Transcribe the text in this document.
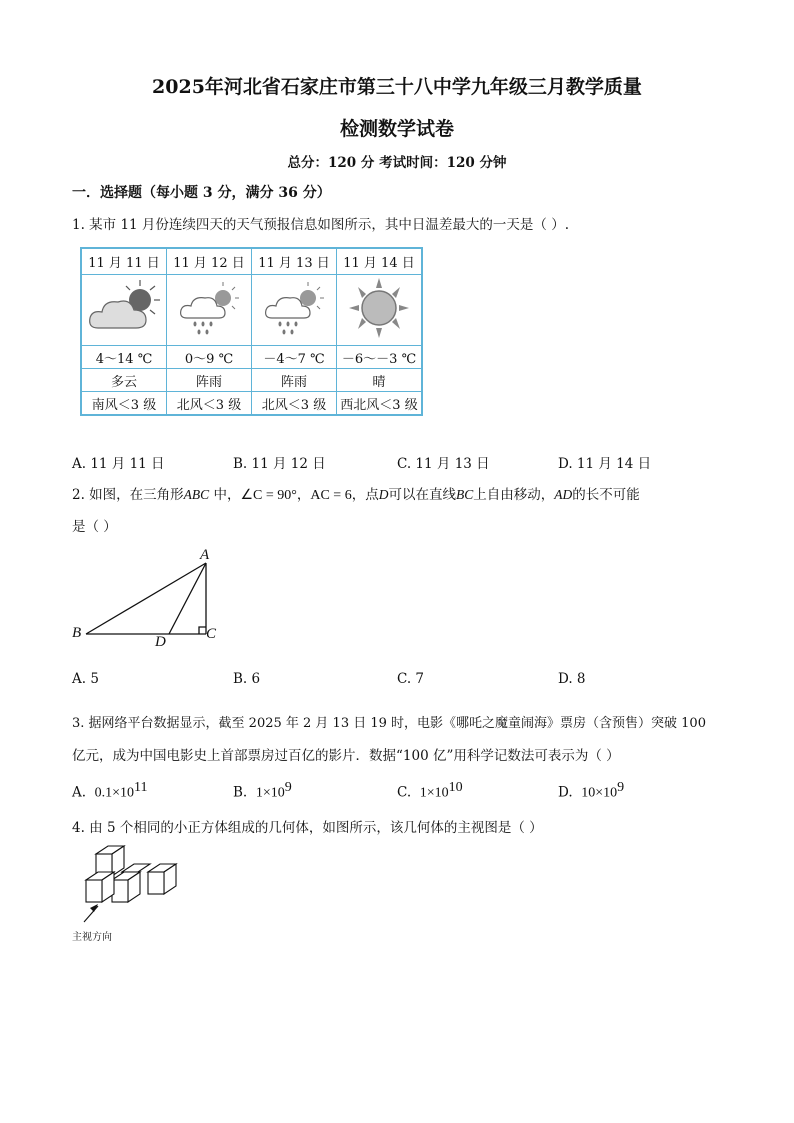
2025年河北省石家庄市第三十八中学九年级三月教学质量
检测数学试卷
总分：120 分 考试时间：120 分钟
一．选择题（每小题 3 分，满分 36 分）
1. 某市 11 月份连续四天的天气预报信息如图所示，其中日温差最大的一天是（ ）.
11 月 11 日	11 月 12 日	11 月 13 日	11 月 14 日

4～14 ℃	0～9 ℃	－4～7 ℃	－6～－3 ℃
多云	阵雨	阵雨	晴
南风＜3 级	北风＜3 级	北风＜3 级	西北风＜3 级
A. 11 月 11 日	B. 11 月 12 日	C. 11 月 13 日	D. 11 月 14 日
2. 如图，在三角形ABC 中，∠C = 90°，AC = 6，点D可以在直线BC上自由移动，AD的长不可能
是（ ）
A
B	C
D
A. 5	B. 6	C. 7	D. 8
3. 据网络平台数据显示，截至 2025 年 2 月 13 日 19 时，电影《哪吒之魔童闹海》票房（含预售）突破 100
亿元，成为中国电影史上首部票房过百亿的影片．数据“100 亿”用科学记数法可表示为（ ）
A. $0.1\times 10^{11}$	B. $1\times 10^9$	C. $1\times 10^{10}$	D. $10\times 10^9$
4. 由 5 个相同的小正方体组成的几何体，如图所示，该几何体的主视图是（ ）
主视方向
